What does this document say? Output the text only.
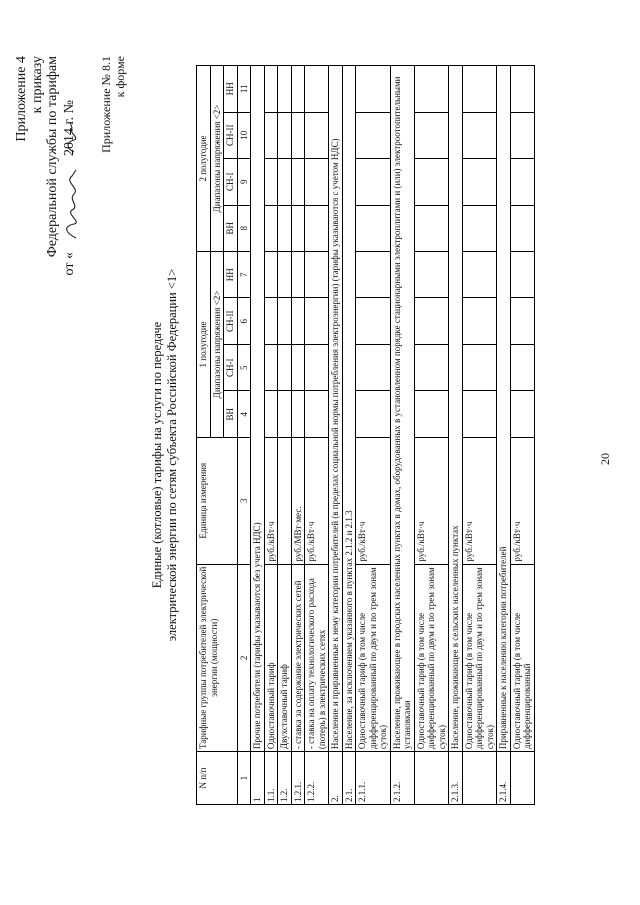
Приложение 4 к приказу Федеральной службы по тарифам
от «2014 г. № Приложение № 8.1 к форме
Единые (котловые) тарифы на услуги по передаче электрической энергии по сетям субъекта Российской Федерации <1>
N п/п	Тарифные группы потребителей электрической энергии (мощности)	Единица измерения	1 полугодие				2 полугодие			
			Диапазоны напряжения <2>				Диапазоны напряжения <2>			
			ВН	СН-I	СН-II	НН	ВН	СН-I	СН-II	НН
1	2	3	4	5	6	7	8	9	10	11
1	Прочие потребители (тарифы указываются без учета НДС)									
1.1.	Одноставочный тариф	руб./кВт·ч								
1.2.	Двухставочный тариф									
1.2.1.	- ставка за содержание электрических сетей	руб./МВт·мес.								
1.2.2.	- ставка на оплату технологического расхода (потерь) в электрических сетях	руб./кВт·ч								
2.	Население и приравненные к нему категории потребителей (в пределах социальной нормы потребления электроэнергии) (тарифы указываются с учетом НДС)									
2.1.	Население, за исключением указанного в пунктах 2.1.2 и 2.1.3									
2.1.1.	Одноставочный тариф (в том числе дифференцированный по двум и по трем зонам суток)	руб./кВт·ч								
2.1.2.	Население, проживающее в городских населенных пунктах в домах, оборудованных в установленном порядке стационарными электроплитами и (или) электроотопительными установками									
	Одноставочный тариф (в том числе дифференцированный по двум и по трем зонам суток)	руб./кВт·ч								
2.1.3.	Население, проживающее в сельских населенных пунктах									
	Одноставочный тариф (в том числе дифференцированный по двум и по трем зонам суток)	руб./кВт·ч								
2.1.4.	Приравненные к населению категории потребителей									
	Одноставочный тариф (в том числе дифференцированный	руб./кВт·ч								
20
